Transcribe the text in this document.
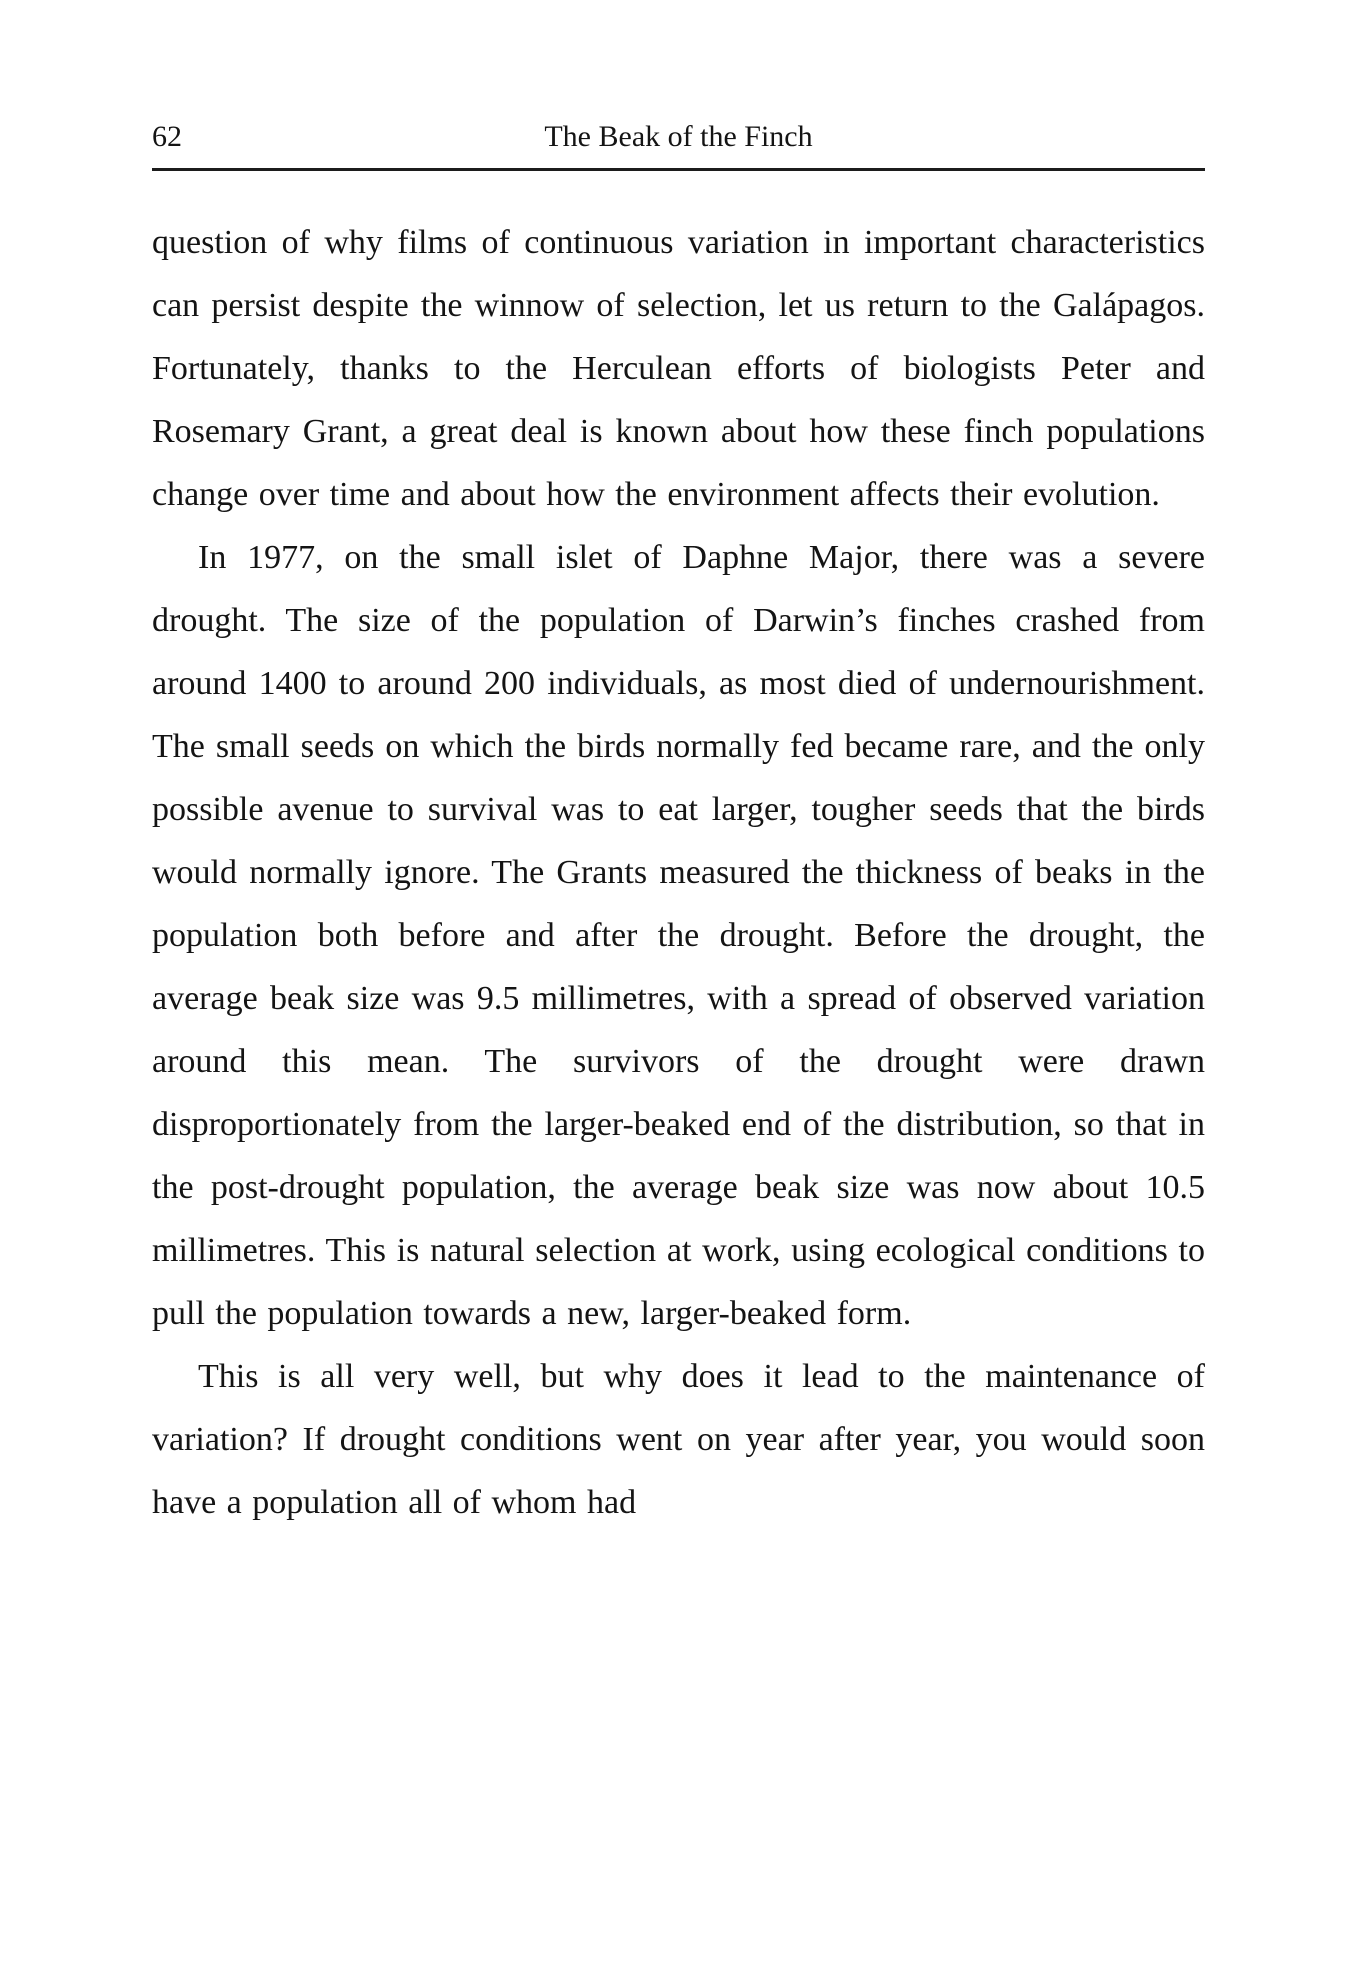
62	The Beak of the Finch

question of why films of continuous variation in important characteristics can persist despite the winnow of selection, let us return to the Galápagos. Fortunately, thanks to the Herculean efforts of biologists Peter and Rosemary Grant, a great deal is known about how these finch populations change over time and about how the environment affects their evolution.

In 1977, on the small islet of Daphne Major, there was a severe drought. The size of the population of Darwin’s finches crashed from around 1400 to around 200 individuals, as most died of undernourishment. The small seeds on which the birds normally fed became rare, and the only possible avenue to survival was to eat larger, tougher seeds that the birds would normally ignore. The Grants measured the thickness of beaks in the population both before and after the drought. Before the drought, the average beak size was 9.5 millimetres, with a spread of observed variation around this mean. The survivors of the drought were drawn disproportionately from the larger-beaked end of the distribution, so that in the post-drought population, the average beak size was now about 10.5 millimetres. This is natural selection at work, using ecological conditions to pull the population towards a new, larger-beaked form.

This is all very well, but why does it lead to the maintenance of variation? If drought conditions went on year after year, you would soon have a population all of whom had
